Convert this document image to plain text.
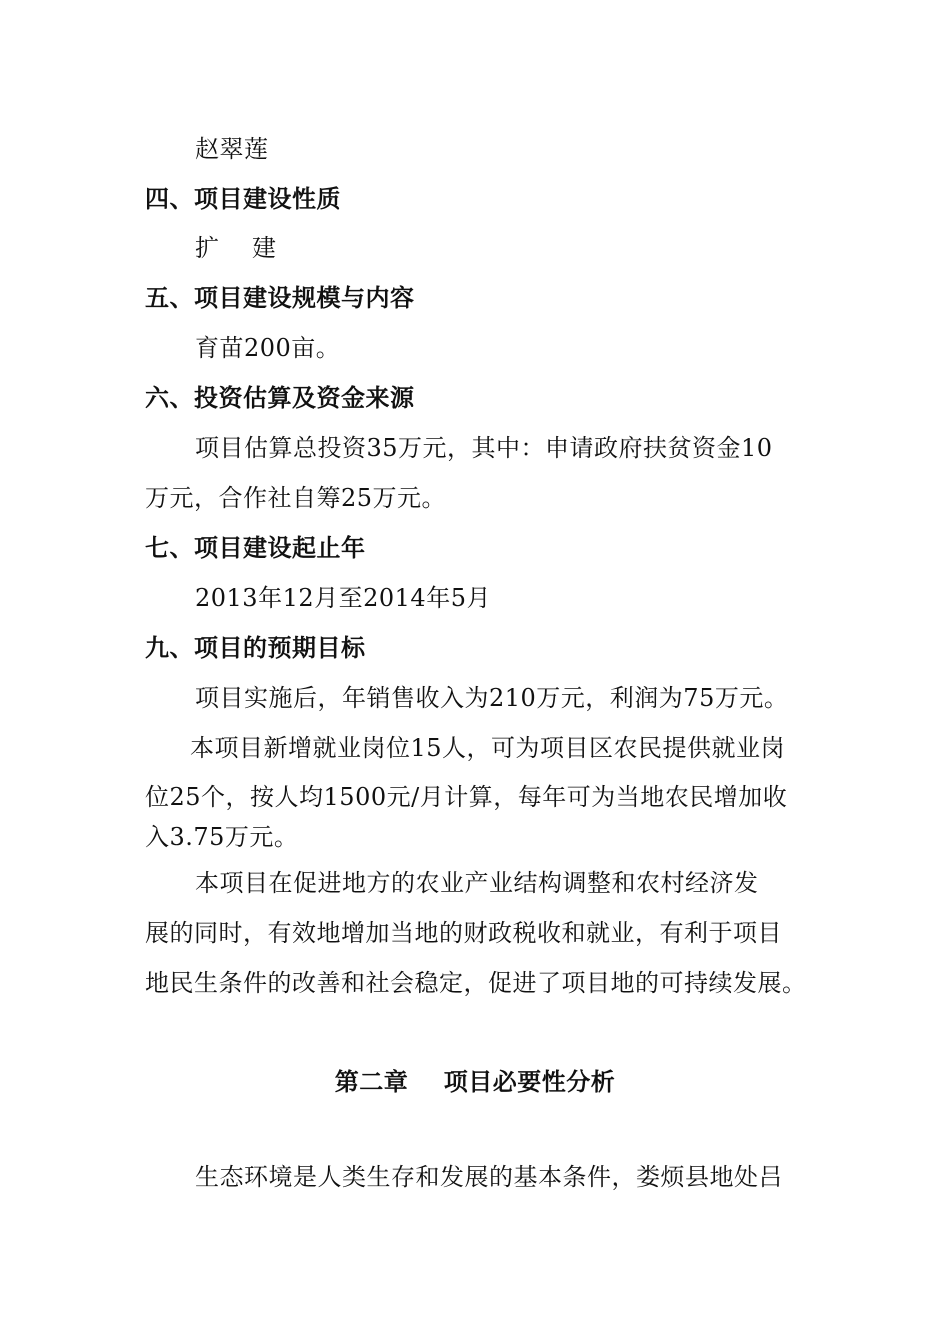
赵翠莲
四、项目建设性质
扩    建
五、项目建设规模与内容
育苗200亩。
六、投资估算及资金来源
项目估算总投资35万元，其中：申请政府扶贫资金10
万元，合作社自筹25万元。
七、项目建设起止年
2013年12月至2014年5月
九、项目的预期目标
项目实施后，年销售收入为210万元，利润为75万元。
本项目新增就业岗位15人，可为项目区农民提供就业岗
位25个，按人均1500元/月计算，每年可为当地农民增加收
入3.75万元。
本项目在促进地方的农业产业结构调整和农村经济发
展的同时，有效地增加当地的财政税收和就业，有利于项目
地民生条件的改善和社会稳定，促进了项目地的可持续发展。
第二章    项目必要性分析
生态环境是人类生存和发展的基本条件，娄烦县地处吕
